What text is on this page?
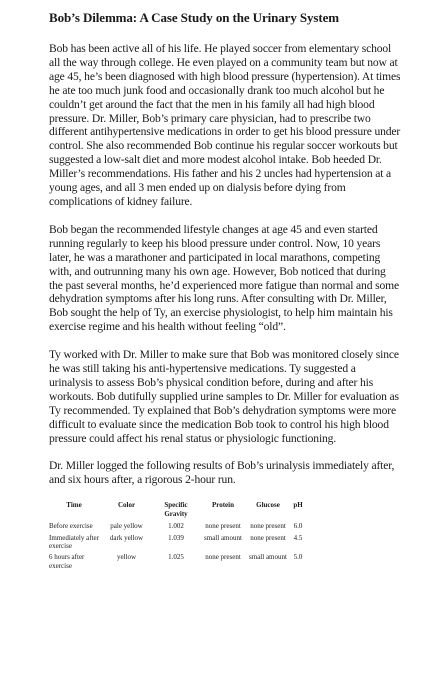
Bob’s Dilemma: A Case Study on the Urinary System

Bob has been active all of his life. He played soccer from elementary school all the way through college. He even played on a community team but now at age 45, he’s been diagnosed with high blood pressure (hypertension). At times he ate too much junk food and occasionally drank too much alcohol but he couldn’t get around the fact that the men in his family all had high blood pressure. Dr. Miller, Bob’s primary care physician, had to prescribe two different antihypertensive medications in order to get his blood pressure under control. She also recommended Bob continue his regular soccer workouts but suggested a low-salt diet and more modest alcohol intake. Bob heeded Dr. Miller’s recommendations. His father and his 2 uncles had hypertension at a young ages, and all 3 men ended up on dialysis before dying from complications of kidney failure.

Bob began the recommended lifestyle changes at age 45 and even started running regularly to keep his blood pressure under control. Now, 10 years later, he was a marathoner and participated in local marathons, competing with, and outrunning many his own age. However, Bob noticed that during the past several months, he’d experienced more fatigue than normal and some dehydration symptoms after his long runs. After consulting with Dr. Miller, Bob sought the help of Ty, an exercise physiologist, to help him maintain his exercise regime and his health without feeling “old”.

Ty worked with Dr. Miller to make sure that Bob was monitored closely since he was still taking his anti-hypertensive medications. Ty suggested a urinalysis to assess Bob’s physical condition before, during and after his workouts. Bob dutifully supplied urine samples to Dr. Miller for evaluation as Ty recommended. Ty explained that Bob’s dehydration symptoms were more difficult to evaluate since the medication Bob took to control his high blood pressure could affect his renal status or physiologic functioning.

Dr. Miller logged the following results of Bob’s urinalysis immediately after, and six hours after, a rigorous 2-hour run.

Time	Color	Specific Gravity	Protein	Glucose	pH
Before exercise	pale yellow	1.002	none present	none present	6.0
Immediately after exercise	dark yellow	1.039	small amount	none present	4.5
6 hours after exercise	yellow	1.025	none present	small amount	5.0
